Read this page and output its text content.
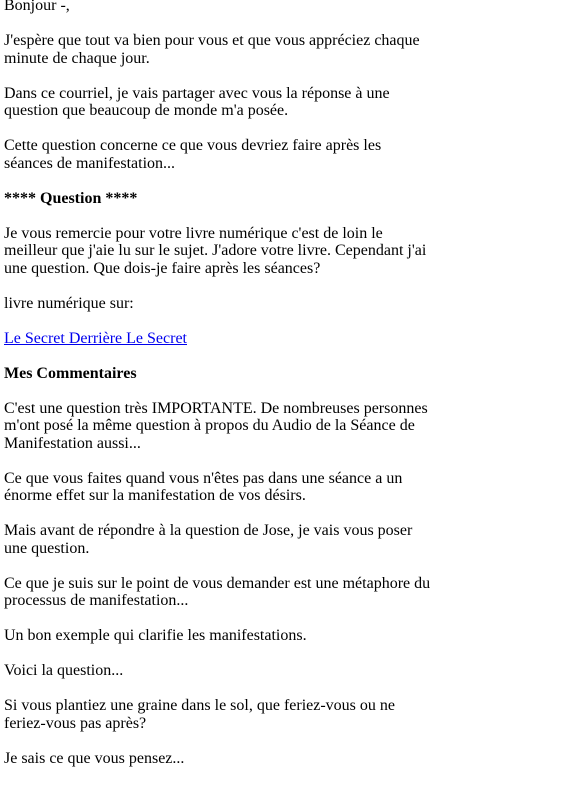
Bonjour -,

J'espère que tout va bien pour vous et que vous appréciez chaque minute de chaque jour.

Dans ce courriel, je vais partager avec vous la réponse à une question que beaucoup de monde m'a posée.

Cette question concerne ce que vous devriez faire après les séances de manifestation...

**** Question ****

Je vous remercie pour votre livre numérique c'est de loin le meilleur que j'aie lu sur le sujet. J'adore votre livre. Cependant j'ai une question. Que dois-je faire après les séances?

livre numérique sur:

Le Secret Derrière Le Secret

Mes Commentaires

C'est une question très IMPORTANTE. De nombreuses personnes m'ont posé la même question à propos du Audio de la Séance de Manifestation aussi...

Ce que vous faites quand vous n'êtes pas dans une séance a un énorme effet sur la manifestation de vos désirs.

Mais avant de répondre à la question de Jose, je vais vous poser une question.

Ce que je suis sur le point de vous demander est une métaphore du processus de manifestation...

Un bon exemple qui clarifie les manifestations.

Voici la question...

Si vous plantiez une graine dans le sol, que feriez-vous ou ne feriez-vous pas après?

Je sais ce que vous pensez...
